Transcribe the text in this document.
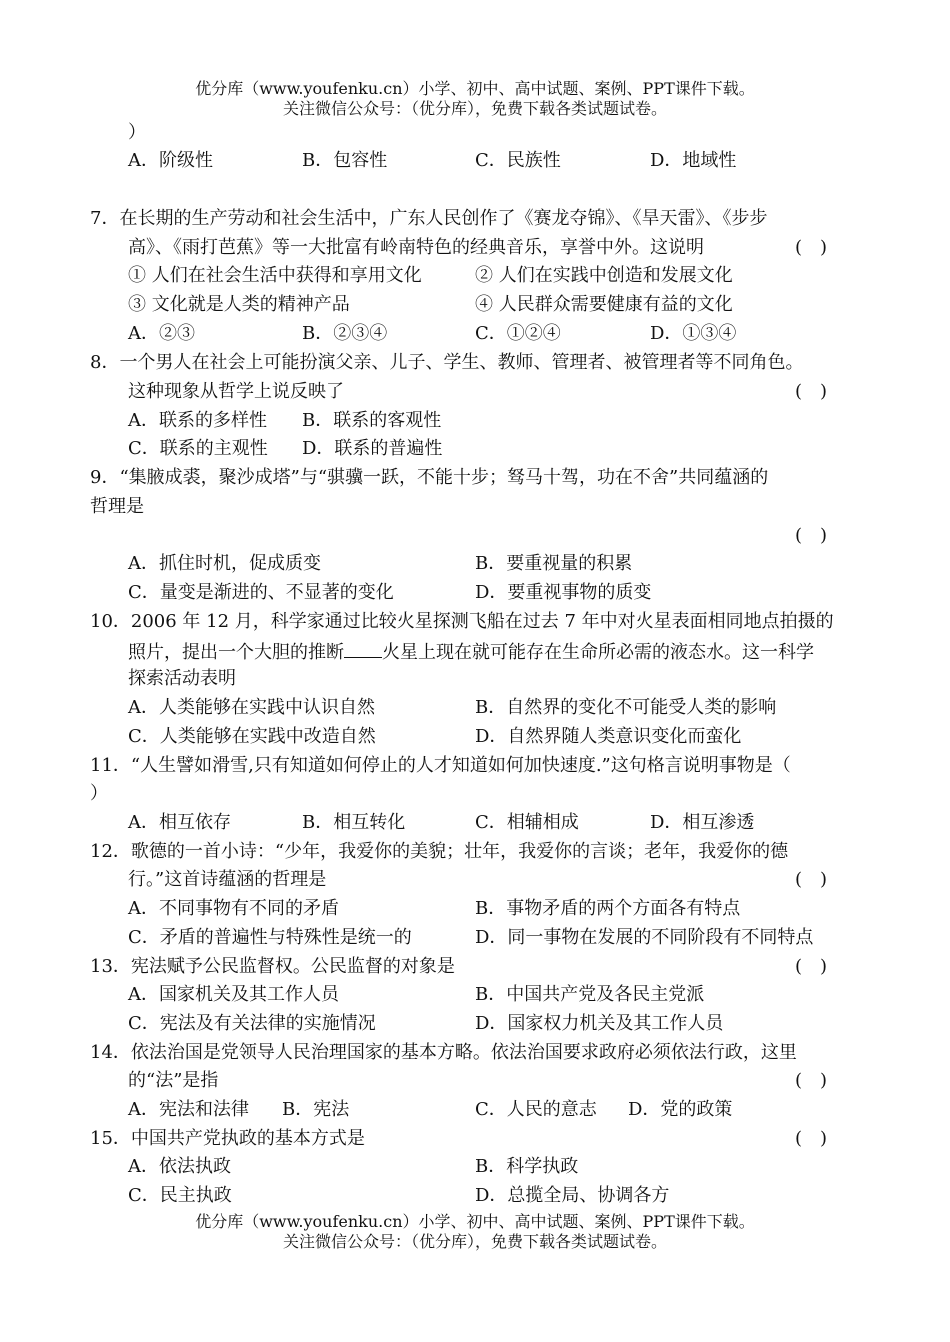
优分库（www.youfenku.cn）小学、初中、高中试题、案例、PPT课件下载。
关注微信公众号：（优分库），免费下载各类试题试卷。
）
A．阶级性	B．包容性	C．民族性	D．地域性
7．在长期的生产劳动和社会生活中，广东人民创作了《赛龙夺锦》、《旱天雷》、《步步
高》、《雨打芭蕉》等一大批富有岭南特色的经典音乐，享誉中外。这说明	(　)
① 人们在社会生活中获得和享用文化	② 人们在实践中创造和发展文化
③ 文化就是人类的精神产品	④ 人民群众需要健康有益的文化
A．②③	B．②③④	C．①②④	D．①③④
8．一个男人在社会上可能扮演父亲、儿子、学生、教师、管理者、被管理者等不同角色。
这种现象从哲学上说反映了	(　)
A．联系的多样性 B．联系的客观性
C．联系的主观性 D．联系的普遍性
9．“集腋成裘，聚沙成塔”与“骐骥一跃，不能十步；驽马十驾，功在不舍”共同蕴涵的
哲理是
(　)
A．抓住时机，促成质变	B．要重视量的积累
C．量变是渐进的、不显著的变化	D．要重视事物的质变
10．2006 年 12 月，科学家通过比较火星探测飞船在过去 7 年中对火星表面相同地点拍摄的
照片，提出一个大胆的推断 火星上现在就可能存在生命所必需的液态水。这一科学
探索活动表明
A．人类能够在实践中认识自然	B．自然界的变化不可能受人类的影响
C．人类能够在实践中改造自然	D．自然界随人类意识变化而蛮化
11．“人生譬如滑雪,只有知道如何停止的人才知道如何加快速度.”这句格言说明事物是（
）
A．相互依存	B．相互转化	C．相辅相成	D．相互渗透
12．歌德的一首小诗：“少年，我爱你的美貌；壮年，我爱你的言谈；老年，我爱你的德
行。”这首诗蕴涵的哲理是	(　)
A．不同事物有不同的矛盾	B．事物矛盾的两个方面各有特点
C．矛盾的普遍性与特殊性是统一的	D．同一事物在发展的不同阶段有不同特点
13．宪法赋予公民监督权。公民监督的对象是	(　)
A．国家机关及其工作人员	B．中国共产党及各民主党派
C．宪法及有关法律的实施情况	D．国家权力机关及其工作人员
14．依法治国是党领导人民治理国家的基本方略。依法治国要求政府必须依法行政，这里
的“法”是指	(　)
A．宪法和法律 B．宪法	C．人民的意志 D．党的政策
15．中国共产党执政的基本方式是	(　)
A．依法执政	B．科学执政
C．民主执政	D．总揽全局、协调各方
优分库（www.youfenku.cn）小学、初中、高中试题、案例、PPT课件下载。
关注微信公众号：（优分库），免费下载各类试题试卷。
